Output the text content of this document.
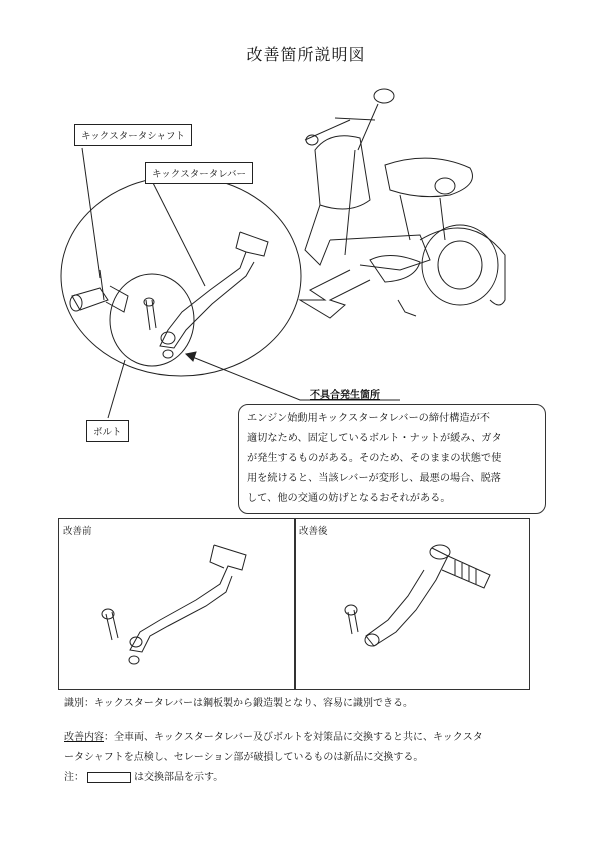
改善箇所説明図
キックスタータシャフト
キックスタータレバー
ボルト
不具合発生箇所
エンジン始動用キックスタータレバーの締付構造が不
適切なため、固定しているボルト・ナットが緩み、ガタ
が発生するものがある。そのため、そのままの状態で使
用を続けると、当該レバーが変形し、最悪の場合、脱落
して、他の交通の妨げとなるおそれがある。
改善前	改善後
識別：キックスタータレバーは鋼板製から鍛造製となり、容易に識別できる。
改善内容：全車両、キックスタータレバー及びボルトを対策品に交換すると共に、キックスタ
ータシャフトを点検し、セレーション部が破損しているものは新品に交換する。
注：	は交換部品を示す。
